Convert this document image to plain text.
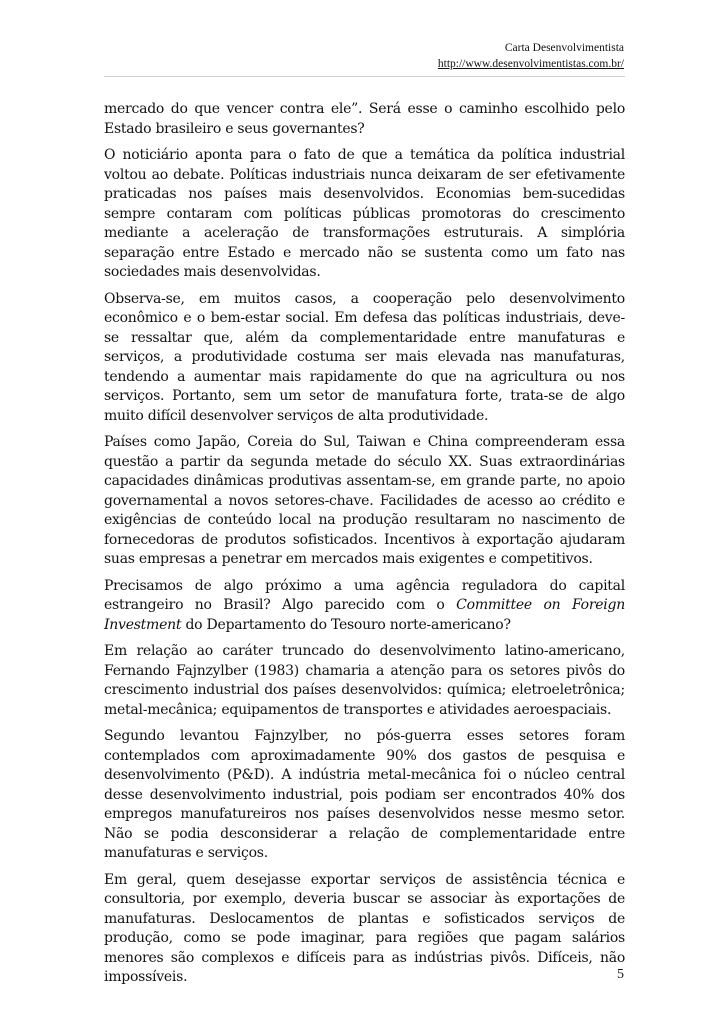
Carta Desenvolvimentista
http://www.desenvolvimentistas.com.br/

mercado do que vencer contra ele”. Será esse o caminho escolhido pelo Estado brasileiro e seus governantes?

O noticiário aponta para o fato de que a temática da política industrial voltou ao debate. Políticas industriais nunca deixaram de ser efetivamente praticadas nos países mais desenvolvidos. Economias bem-sucedidas sempre contaram com políticas públicas promotoras do crescimento mediante a aceleração de transformações estruturais. A simplória separação entre Estado e mercado não se sustenta como um fato nas sociedades mais desenvolvidas.

Observa-se, em muitos casos, a cooperação pelo desenvolvimento econômico e o bem-estar social. Em defesa das políticas industriais, deve-se ressaltar que, além da complementaridade entre manufaturas e serviços, a produtividade costuma ser mais elevada nas manufaturas, tendendo a aumentar mais rapidamente do que na agricultura ou nos serviços. Portanto, sem um setor de manufatura forte, trata-se de algo muito difícil desenvolver serviços de alta produtividade.

Países como Japão, Coreia do Sul, Taiwan e China compreenderam essa questão a partir da segunda metade do século XX. Suas extraordinárias capacidades dinâmicas produtivas assentam-se, em grande parte, no apoio governamental a novos setores-chave. Facilidades de acesso ao crédito e exigências de conteúdo local na produção resultaram no nascimento de fornecedoras de produtos sofisticados. Incentivos à exportação ajudaram suas empresas a penetrar em mercados mais exigentes e competitivos.

Precisamos de algo próximo a uma agência reguladora do capital estrangeiro no Brasil? Algo parecido com o Committee on Foreign Investment do Departamento do Tesouro norte-americano?

Em relação ao caráter truncado do desenvolvimento latino-americano, Fernando Fajnzylber (1983) chamaria a atenção para os setores pivôs do crescimento industrial dos países desenvolvidos: química; eletroeletrônica; metal-mecânica; equipamentos de transportes e atividades aeroespaciais.

Segundo levantou Fajnzylber, no pós-guerra esses setores foram contemplados com aproximadamente 90% dos gastos de pesquisa e desenvolvimento (P&D). A indústria metal-mecânica foi o núcleo central desse desenvolvimento industrial, pois podiam ser encontrados 40% dos empregos manufatureiros nos países desenvolvidos nesse mesmo setor. Não se podia desconsiderar a relação de complementaridade entre manufaturas e serviços.

Em geral, quem desejasse exportar serviços de assistência técnica e consultoria, por exemplo, deveria buscar se associar às exportações de manufaturas. Deslocamentos de plantas e sofisticados serviços de produção, como se pode imaginar, para regiões que pagam salários menores são complexos e difíceis para as indústrias pivôs. Difíceis, não impossíveis.	5
